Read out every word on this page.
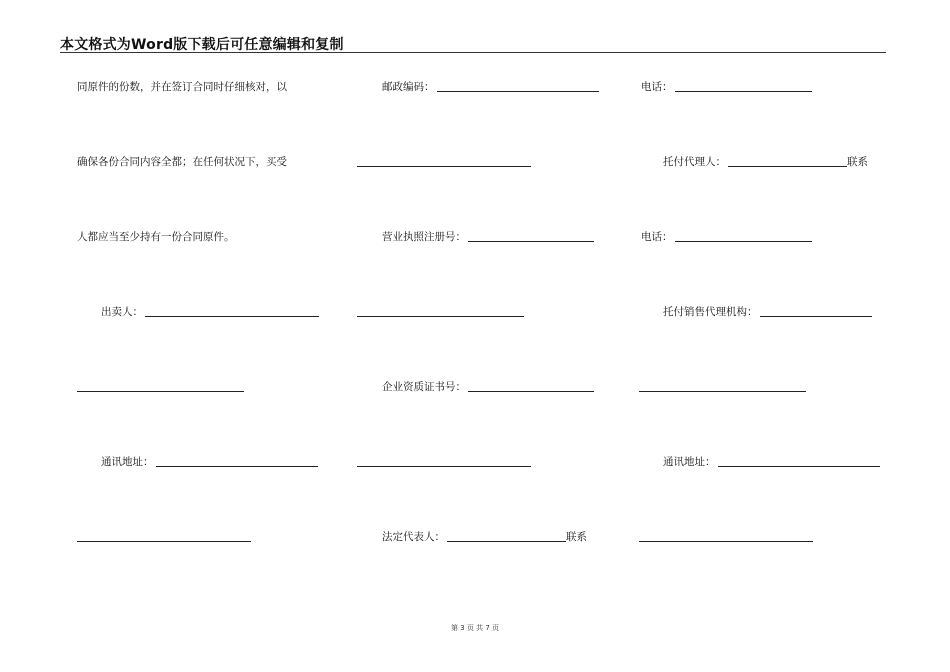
本文格式为Word版下载后可任意编辑和复制
同原件的份数，并在签订合同时仔细核对，以
确保各份合同内容全都；在任何状况下，买受
人都应当至少持有一份合同原件。
出卖人：
通讯地址：
邮政编码：
营业执照注册号：
企业资质证书号：
法定代表人：	联系
电话：
托付代理人：	联系
电话：
托付销售代理机构：
通讯地址：
第 3 页 共 7 页
